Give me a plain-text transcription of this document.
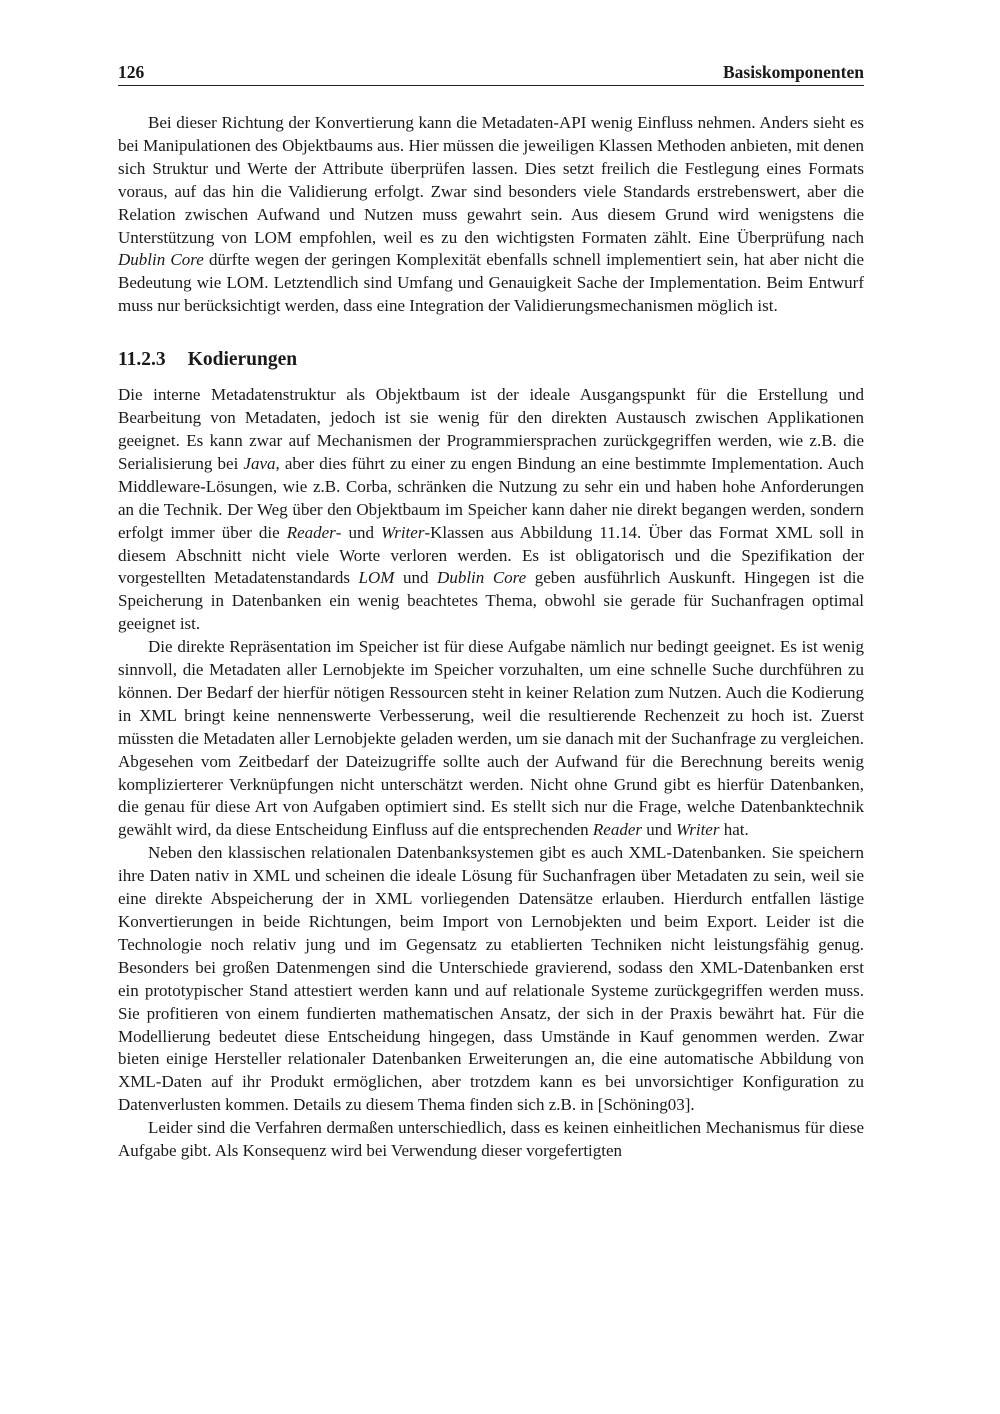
126	Basiskomponenten

Bei dieser Richtung der Konvertierung kann die Metadaten-API wenig Einfluss nehmen. Anders sieht es bei Manipulationen des Objektbaums aus. Hier müssen die jeweiligen Klassen Methoden anbieten, mit denen sich Struktur und Werte der Attribute überprüfen lassen. Dies setzt freilich die Festlegung eines Formats voraus, auf das hin die Validierung erfolgt. Zwar sind besonders viele Standards erstrebenswert, aber die Relation zwischen Aufwand und Nutzen muss gewahrt sein. Aus diesem Grund wird wenigstens die Unterstützung von LOM empfohlen, weil es zu den wichtigsten Formaten zählt. Eine Überprüfung nach Dublin Core dürfte wegen der geringen Komplexität ebenfalls schnell implementiert sein, hat aber nicht die Bedeutung wie LOM. Letztendlich sind Umfang und Genauigkeit Sache der Implementation. Beim Entwurf muss nur berücksichtigt werden, dass eine Integration der Validierungsmechanismen möglich ist.

11.2.3 Kodierungen

Die interne Metadatenstruktur als Objektbaum ist der ideale Ausgangspunkt für die Erstellung und Bearbeitung von Metadaten, jedoch ist sie wenig für den direkten Austausch zwischen Applikationen geeignet. Es kann zwar auf Mechanismen der Programmiersprachen zurückgegriffen werden, wie z.B. die Serialisierung bei Java, aber dies führt zu einer zu engen Bindung an eine bestimmte Implementation. Auch Middleware-Lösungen, wie z.B. Corba, schränken die Nutzung zu sehr ein und haben hohe Anforderungen an die Technik. Der Weg über den Objektbaum im Speicher kann daher nie direkt begangen werden, sondern erfolgt immer über die Reader- und Writer-Klassen aus Abbildung 11.14. Über das Format XML soll in diesem Abschnitt nicht viele Worte verloren werden. Es ist obligatorisch und die Spezifikation der vorgestellten Metadatenstandards LOM und Dublin Core geben ausführlich Auskunft. Hingegen ist die Speicherung in Datenbanken ein wenig beachtetes Thema, obwohl sie gerade für Suchanfragen optimal geeignet ist.

Die direkte Repräsentation im Speicher ist für diese Aufgabe nämlich nur bedingt geeignet. Es ist wenig sinnvoll, die Metadaten aller Lernobjekte im Speicher vorzuhalten, um eine schnelle Suche durchführen zu können. Der Bedarf der hierfür nötigen Ressourcen steht in keiner Relation zum Nutzen. Auch die Kodierung in XML bringt keine nennenswerte Verbesserung, weil die resultierende Rechenzeit zu hoch ist. Zuerst müssten die Metadaten aller Lernobjekte geladen werden, um sie danach mit der Suchanfrage zu vergleichen. Abgesehen vom Zeitbedarf der Dateizugriffe sollte auch der Aufwand für die Berechnung bereits wenig komplizierterer Verknüpfungen nicht unterschätzt werden. Nicht ohne Grund gibt es hierfür Datenbanken, die genau für diese Art von Aufgaben optimiert sind. Es stellt sich nur die Frage, welche Datenbanktechnik gewählt wird, da diese Entscheidung Einfluss auf die entsprechenden Reader und Writer hat.

Neben den klassischen relationalen Datenbanksystemen gibt es auch XML-Datenbanken. Sie speichern ihre Daten nativ in XML und scheinen die ideale Lösung für Suchanfragen über Metadaten zu sein, weil sie eine direkte Abspeicherung der in XML vorliegenden Datensätze erlauben. Hierdurch entfallen lästige Konvertierungen in beide Richtungen, beim Import von Lernobjekten und beim Export. Leider ist die Technologie noch relativ jung und im Gegensatz zu etablierten Techniken nicht leistungsfähig genug. Besonders bei großen Datenmengen sind die Unterschiede gravierend, sodass den XML-Datenbanken erst ein prototypischer Stand attestiert werden kann und auf relationale Systeme zurückgegriffen werden muss. Sie profitieren von einem fundierten mathematischen Ansatz, der sich in der Praxis bewährt hat. Für die Modellierung bedeutet diese Entscheidung hingegen, dass Umstände in Kauf genommen werden. Zwar bieten einige Hersteller relationaler Datenbanken Erweiterungen an, die eine automatische Abbildung von XML-Daten auf ihr Produkt ermöglichen, aber trotzdem kann es bei unvorsichtiger Konfiguration zu Datenverlusten kommen. Details zu diesem Thema finden sich z.B. in [Schöning03].

Leider sind die Verfahren dermaßen unterschiedlich, dass es keinen einheitlichen Mechanismus für diese Aufgabe gibt. Als Konsequenz wird bei Verwendung dieser vorgefertigten
